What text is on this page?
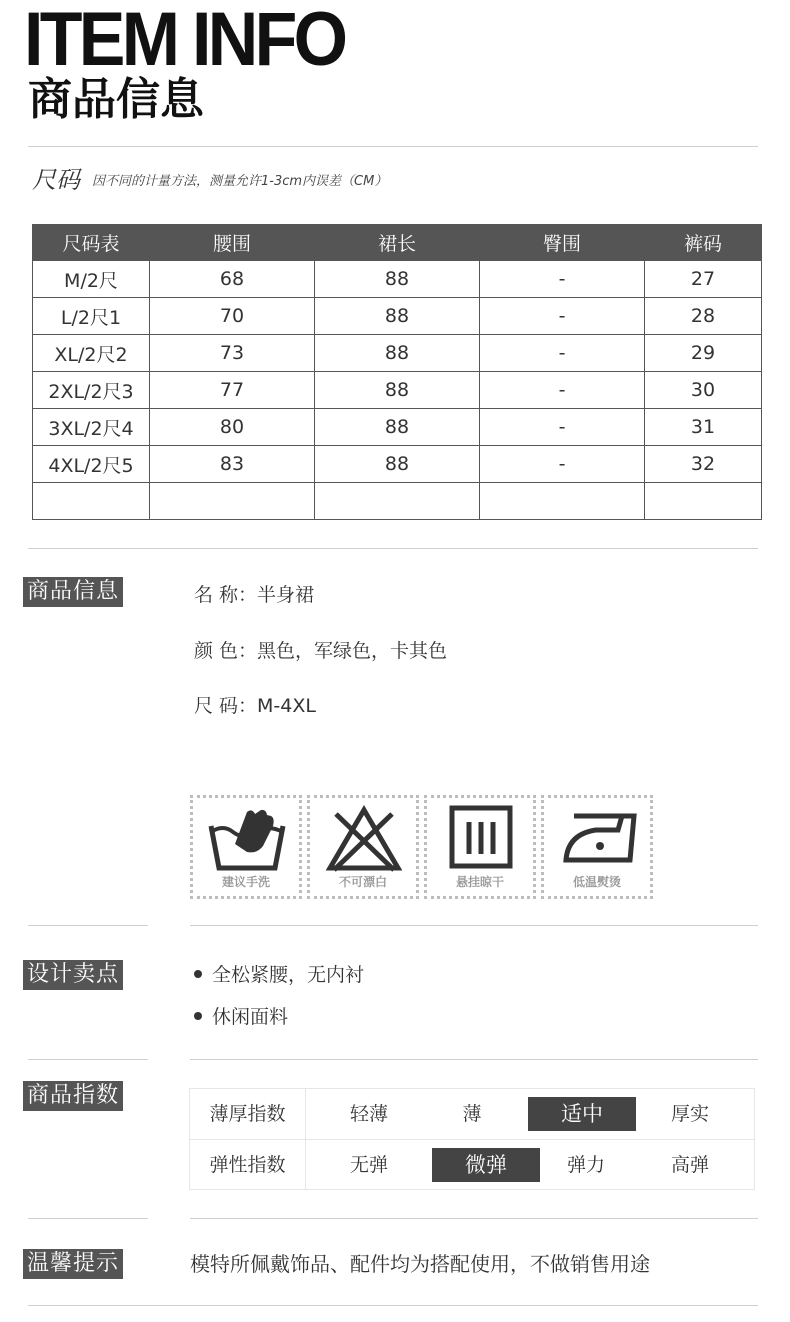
ITEM INFO
商品信息
尺码 因不同的计量方法，测量允许1-3cm内误差（CM）
尺码表	腰围	裙长	臀围	裤码
M/2尺	68	88	-	27
L/2尺1	70	88	-	28
XL/2尺2	73	88	-	29
2XL/2尺3	77	88	-	30
3XL/2尺4	80	88	-	31
4XL/2尺5	83	88	-	32

商品信息	名 称：半身裙
颜 色：黑色，军绿色，卡其色
尺 码：M-4XL
建议手洗	不可漂白	悬挂晾干	低温熨烫
设计卖点	全松紧腰，无内衬
休闲面料
商品指数
薄厚指数	轻薄	薄	适中	厚实
弹性指数	无弹	微弹	弹力	高弹
温馨提示	模特所佩戴饰品、配件均为搭配使用，不做销售用途
